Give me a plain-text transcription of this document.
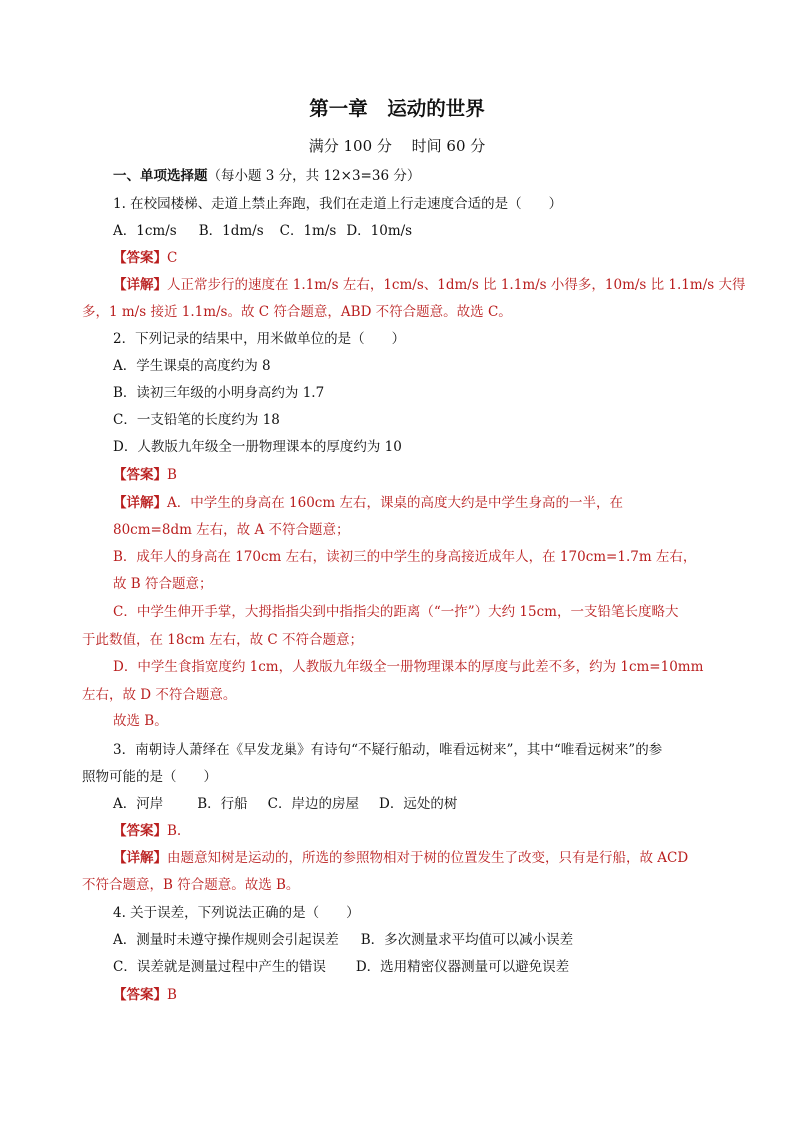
第一章　运动的世界
满分 100 分　 时间 60 分
一、单项选择题（每小题 3 分，共 12×3=36 分）
1. 在校园楼梯、走道上禁止奔跑，我们在走道上行走速度合适的是（　　）
A．1cm/s B．1dm/s C．1m/s D．10m/s
【答案】C
【详解】人正常步行的速度在 1.1m/s 左右，1cm/s、1dm/s 比 1.1m/s 小得多，10m/s 比 1.1m/s 大得
多，1 m/s 接近 1.1m/s。故 C 符合题意，ABD 不符合题意。故选 C。
2．下列记录的结果中，用米做单位的是（　　）
A．学生课桌的高度约为 8
B．读初三年级的小明身高约为 1.7
C．一支铅笔的长度约为 18
D．人教版九年级全一册物理课本的厚度约为 10
【答案】B
【详解】A．中学生的身高在 160cm 左右，课桌的高度大约是中学生身高的一半，在
80cm=8dm 左右，故 A 不符合题意；
B．成年人的身高在 170cm 左右，读初三的中学生的身高接近成年人，在 170cm=1.7m 左右，
故 B 符合题意；
C．中学生伸开手掌，大拇指指尖到中指指尖的距离（“一拃”）大约 15cm，一支铅笔长度略大
于此数值，在 18cm 左右，故 C 不符合题意；
D．中学生食指宽度约 1cm，人教版九年级全一册物理课本的厚度与此差不多，约为 1cm=10mm
左右，故 D 不符合题意。
故选 B。
3．南朝诗人萧绎在《早发龙巢》有诗句“不疑行船动，唯看远树来”，其中“唯看远树来”的参
照物可能的是（　　）
A．河岸	B．行船 C．岸边的房屋 D．远处的树
【答案】B.
【详解】由题意知树是运动的，所选的参照物相对于树的位置发生了改变，只有是行船，故 ACD
不符合题意，B 符合题意。故选 B。
4. 关于误差，下列说法正确的是（　　）
A．测量时未遵守操作规则会引起误差 B．多次测量求平均值可以减小误差
C．误差就是测量过程中产生的错误 D．选用精密仪器测量可以避免误差
【答案】B
